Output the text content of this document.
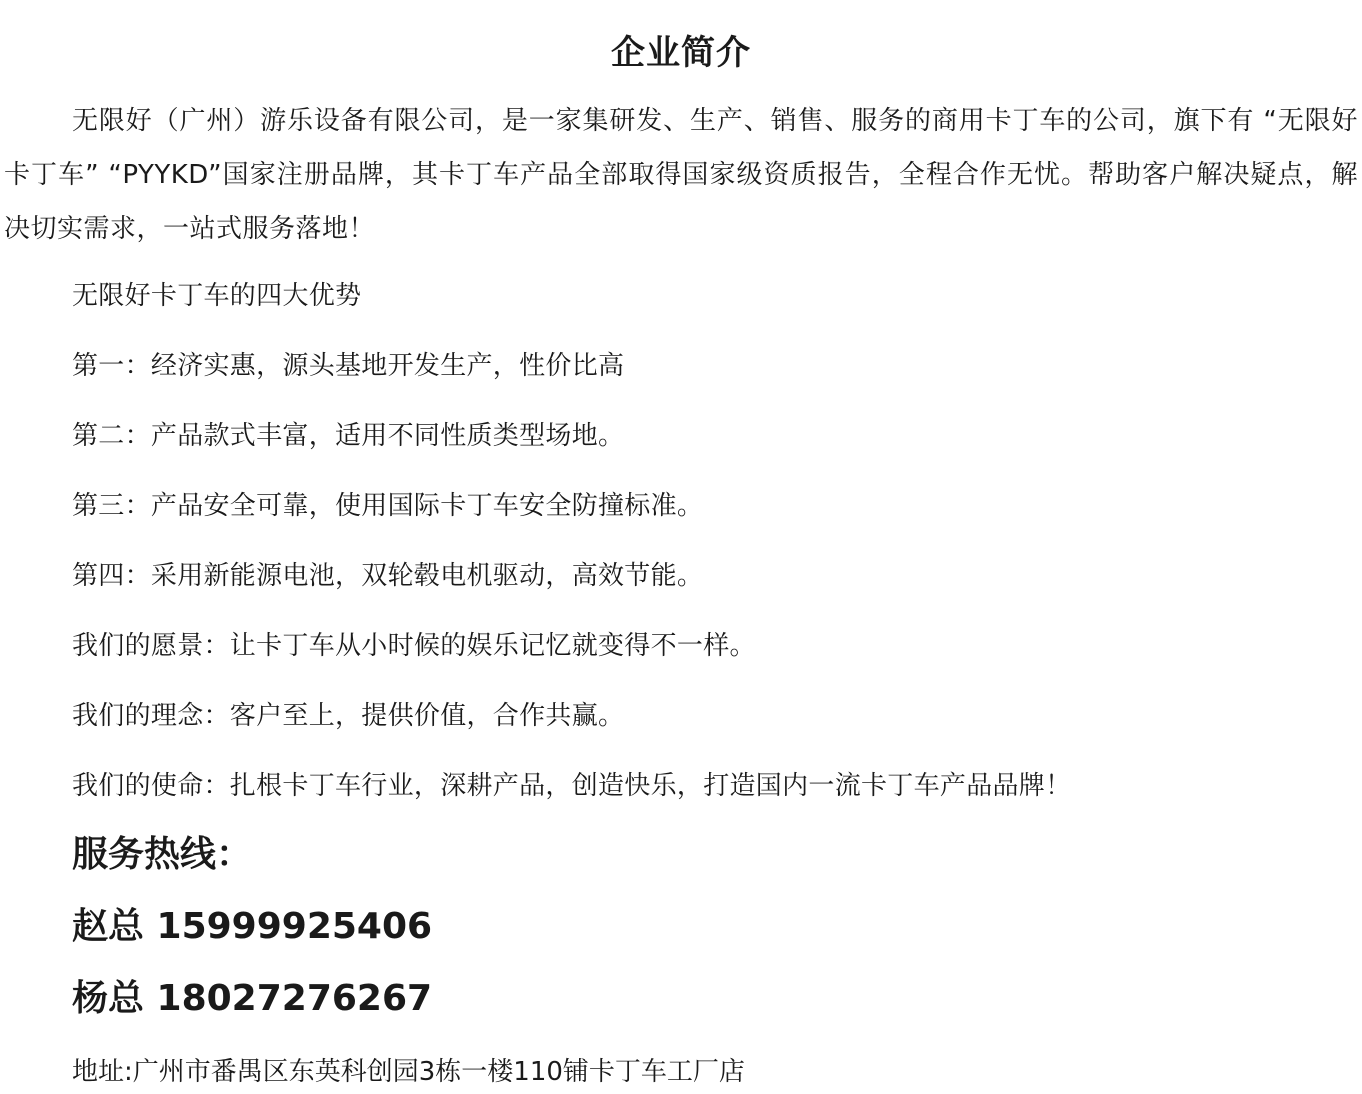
企业简介

无限好（广州）游乐设备有限公司，是一家集研发、生产、销售、服务的商用卡丁车的公司，旗下有 “无限好卡丁车” “PYYKD”国家注册品牌，其卡丁车产品全部取得国家级资质报告，全程合作无忧。帮助客户解决疑点，解决切实需求，一站式服务落地！

无限好卡丁车的四大优势

第一：经济实惠，源头基地开发生产，性价比高

第二：产品款式丰富，适用不同性质类型场地。

第三：产品安全可靠，使用国际卡丁车安全防撞标准。

第四：采用新能源电池，双轮毂电机驱动，高效节能。

我们的愿景：让卡丁车从小时候的娱乐记忆就变得不一样。

我们的理念：客户至上，提供价值，合作共赢。

我们的使命：扎根卡丁车行业，深耕产品，创造快乐，打造国内一流卡丁车产品品牌！

服务热线：

赵总 15999925406

杨总 18027276267

地址:广州市番禺区东英科创园3栋一楼110铺卡丁车工厂店
